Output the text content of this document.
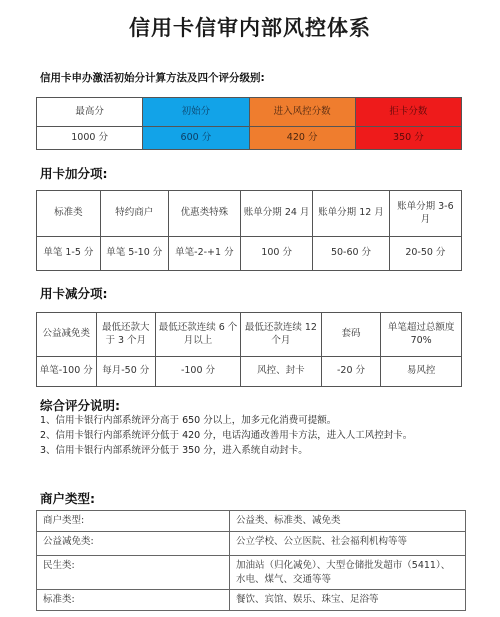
信用卡信审内部风控体系
信用卡申办激活初始分计算方法及四个评分级别:
最高分	初始分	进入风控分数	拒卡分数
1000 分	600 分	420 分	350 分
用卡加分项:
标准类	特约商户	优惠类特殊	账单分期 24 月	账单分期 12 月	账单分期 3-6 月
单笔 1-5 分	单笔 5-10 分	单笔-2-+1 分	100 分	50-60 分	20-50 分
用卡减分项:
公益减免类	最低还款大于 3 个月	最低还款连续 6 个月以上	最低还款连续 12 个月	套码	单笔超过总额度 70%
单笔-100 分	每月-50 分	-100 分	风控、封卡	-20 分	易风控
综合评分说明:
1、信用卡银行内部系统评分高于 650 分以上，加多元化消费可提额。
2、信用卡银行内部系统评分低于 420 分，电话沟通改善用卡方法，进入人工风控封卡。
3、信用卡银行内部系统评分低于 350 分，进入系统自动封卡。
商户类型:
商户类型:	公益类、标准类、减免类
公益减免类:	公立学校、公立医院、社会福利机构等等
民生类:	加油站（归化减免）、大型仓储批发超市（5411）、水电、煤气、交通等等
标准类:	餐饮、宾馆、娱乐、珠宝、足浴等
